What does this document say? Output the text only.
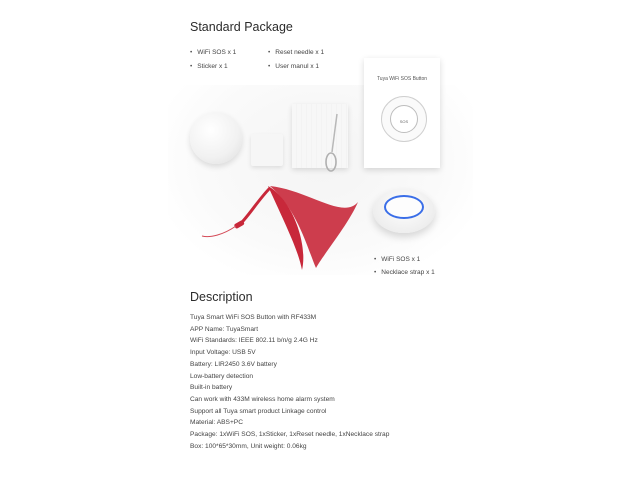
Standard Package
• WiFi SOS x 1
• Sticker x 1
• Reset needle x 1
• User manul x 1
Tuya WiFi SOS Button
SOS
• WiFi SOS x 1
• Necklace strap x 1
Description
Tuya Smart WiFi SOS Button with RF433M
APP Name: TuyaSmart
WiFi Standards: IEEE 802.11 b/n/g 2.4G Hz
Input Voltage: USB 5V
Battery: LIR2450 3.6V battery
Low-battery detection
Built-in battery
Can work with 433M wireless home alarm system
Support all Tuya smart product Linkage control
Material: ABS+PC
Package: 1xWiFi SOS, 1xSticker, 1xReset needle, 1xNecklace strap
Box: 100*65*30mm, Unit weight: 0.06kg
